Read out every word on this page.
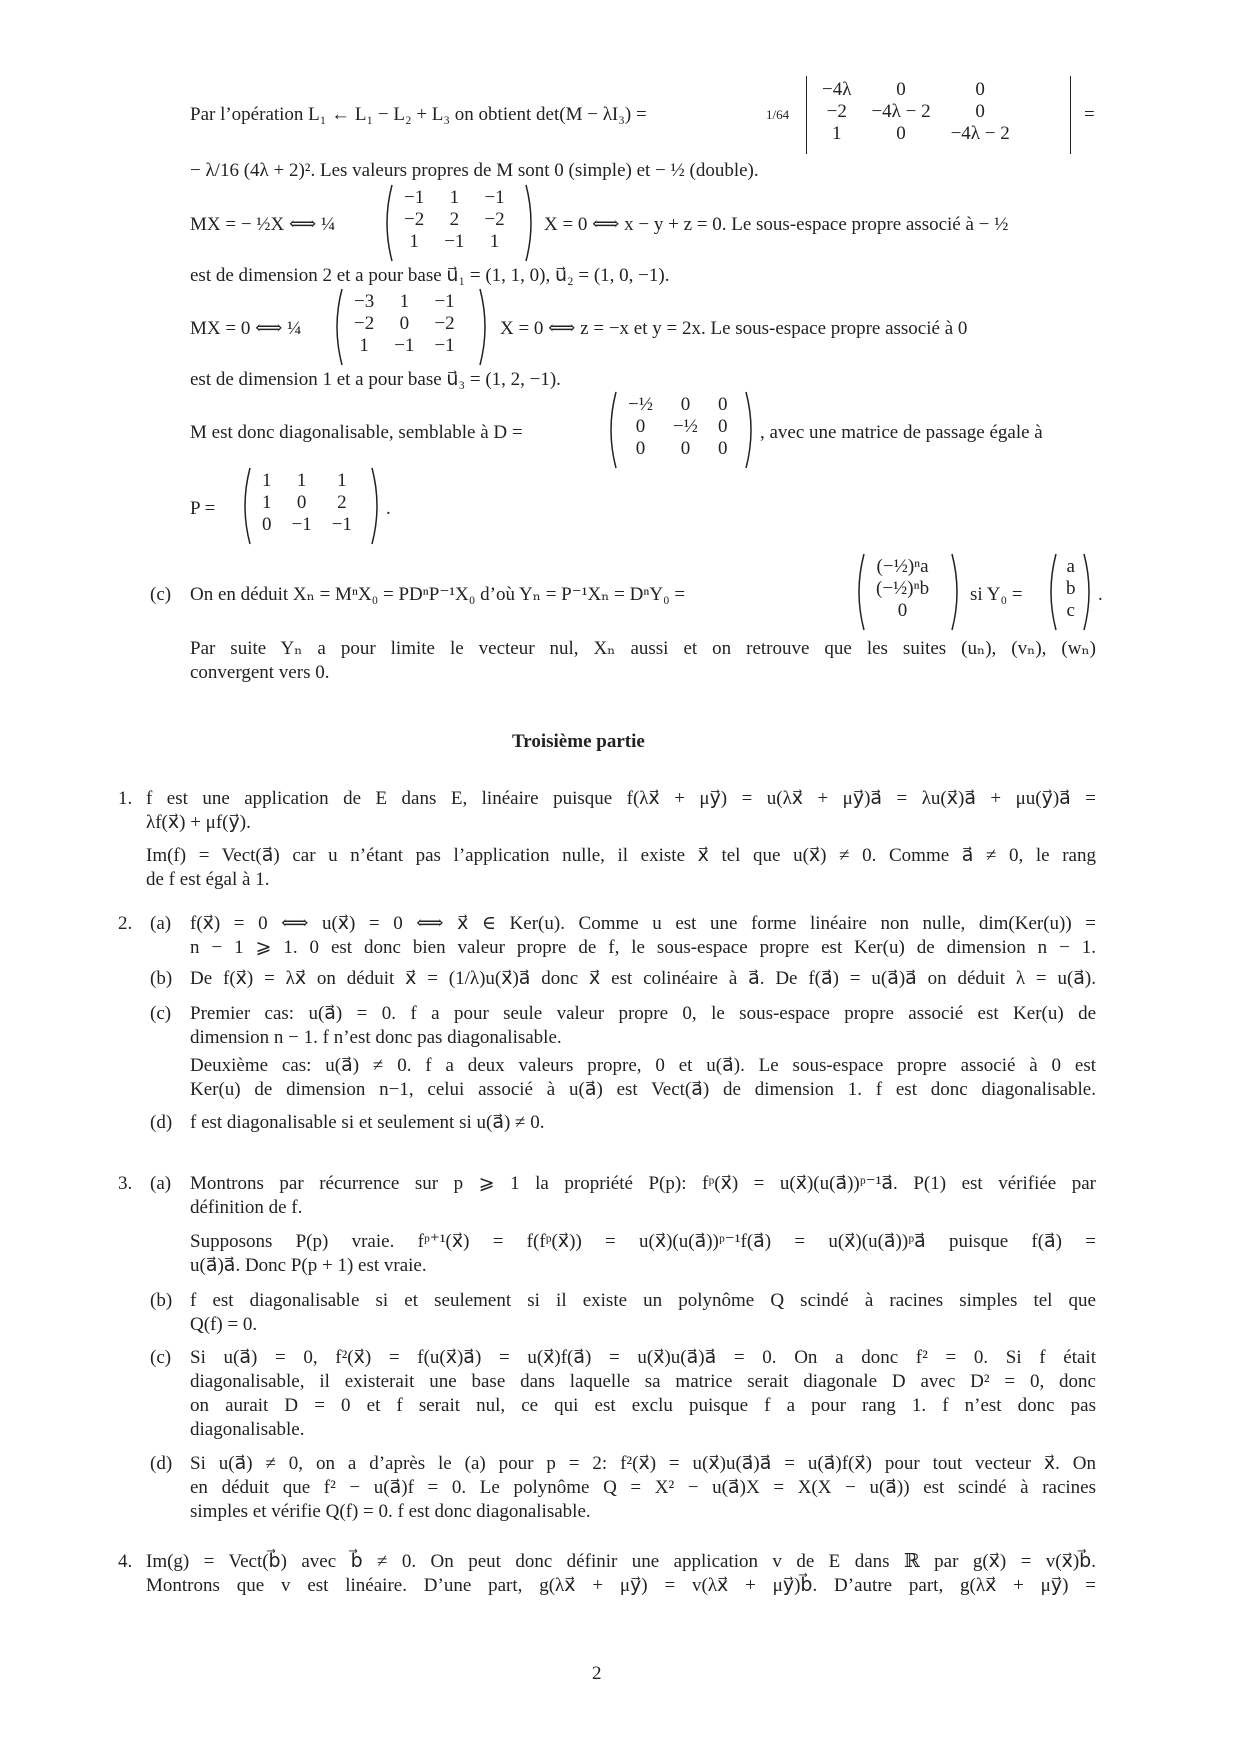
Par l’opération L₁ ← L₁ − L₂ + L₃ on obtient det(M − λI₃) =	1/64
−4λ	0	0
−2	−4λ − 2	0
1	0	−4λ − 2
=
− λ/16 (4λ + 2)². Les valeurs propres de M sont 0 (simple) et − ½ (double).
MX = − ½X ⟺ ¼
−1	1	−1
−2	2	−2
1	−1	1
X = 0 ⟺ x − y + z = 0. Le sous-espace propre associé à − ½
est de dimension 2 et a pour base u⃗₁ = (1, 1, 0), u⃗₂ = (1, 0, −1).
MX = 0 ⟺ ¼
−3	1	−1
−2	0	−2
1	−1	−1
X = 0 ⟺ z = −x et y = 2x. Le sous-espace propre associé à 0
est de dimension 1 et a pour base u⃗₃ = (1, 2, −1).
M est donc diagonalisable, semblable à D =
−½	0	0
0	−½	0
0	0	0
, avec une matrice de passage égale à
P =
1	1	1
1	0	2
0	−1	−1
.
(c) On en déduit Xₙ = MⁿX₀ = PDⁿP⁻¹X₀ d’où Yₙ = P⁻¹Xₙ = DⁿY₀ =
(−½)ⁿa
(−½)ⁿb
0
si Y₀ =
a
b
c
.
Par suite Yₙ a pour limite le vecteur nul, Xₙ aussi et on retrouve que les suites (uₙ), (vₙ), (wₙ)
convergent vers 0.
Troisième partie
1. f est une application de E dans E, linéaire puisque f(λx⃗ + μy⃗) = u(λx⃗ + μy⃗)a⃗ = λu(x⃗)a⃗ + μu(y⃗)a⃗ =
λf(x⃗) + μf(y⃗).
Im(f) = Vect(a⃗) car u n’étant pas l’application nulle, il existe x⃗ tel que u(x⃗) ≠ 0. Comme a⃗ ≠ 0, le rang
de f est égal à 1.
2. (a) f(x⃗) = 0 ⟺ u(x⃗) = 0 ⟺ x⃗ ∈ Ker(u). Comme u est une forme linéaire non nulle, dim(Ker(u)) =
n − 1 ⩾ 1. 0 est donc bien valeur propre de f, le sous-espace propre est Ker(u) de dimension n − 1.
(b) De f(x⃗) = λx⃗ on déduit x⃗ = (1/λ)u(x⃗)a⃗ donc x⃗ est colinéaire à a⃗. De f(a⃗) = u(a⃗)a⃗ on déduit λ = u(a⃗).
(c) Premier cas: u(a⃗) = 0. f a pour seule valeur propre 0, le sous-espace propre associé est Ker(u) de
dimension n − 1. f n’est donc pas diagonalisable.
Deuxième cas: u(a⃗) ≠ 0. f a deux valeurs propre, 0 et u(a⃗). Le sous-espace propre associé à 0 est
Ker(u) de dimension n−1, celui associé à u(a⃗) est Vect(a⃗) de dimension 1. f est donc diagonalisable.
(d) f est diagonalisable si et seulement si u(a⃗) ≠ 0.
3. (a) Montrons par récurrence sur p ⩾ 1 la propriété P(p): fᵖ(x⃗) = u(x⃗)(u(a⃗))ᵖ⁻¹a⃗. P(1) est vérifiée par
définition de f.
Supposons P(p) vraie. fᵖ⁺¹(x⃗) = f(fᵖ(x⃗)) = u(x⃗)(u(a⃗))ᵖ⁻¹f(a⃗) = u(x⃗)(u(a⃗))ᵖa⃗ puisque f(a⃗) =
u(a⃗)a⃗. Donc P(p + 1) est vraie.
(b) f est diagonalisable si et seulement si il existe un polynôme Q scindé à racines simples tel que
Q(f) = 0.
(c) Si u(a⃗) = 0, f²(x⃗) = f(u(x⃗)a⃗) = u(x⃗)f(a⃗) = u(x⃗)u(a⃗)a⃗ = 0. On a donc f² = 0. Si f était
diagonalisable, il existerait une base dans laquelle sa matrice serait diagonale D avec D² = 0, donc
on aurait D = 0 et f serait nul, ce qui est exclu puisque f a pour rang 1. f n’est donc pas
diagonalisable.
(d) Si u(a⃗) ≠ 0, on a d’après le (a) pour p = 2: f²(x⃗) = u(x⃗)u(a⃗)a⃗ = u(a⃗)f(x⃗) pour tout vecteur x⃗. On
en déduit que f² − u(a⃗)f = 0. Le polynôme Q = X² − u(a⃗)X = X(X − u(a⃗)) est scindé à racines
simples et vérifie Q(f) = 0. f est donc diagonalisable.
4. Im(g) = Vect(b⃗) avec b⃗ ≠ 0. On peut donc définir une application v de E dans ℝ par g(x⃗) = v(x⃗)b⃗.
Montrons que v est linéaire. D’une part, g(λx⃗ + μy⃗) = v(λx⃗ + μy⃗)b⃗. D’autre part, g(λx⃗ + μy⃗) =
2
